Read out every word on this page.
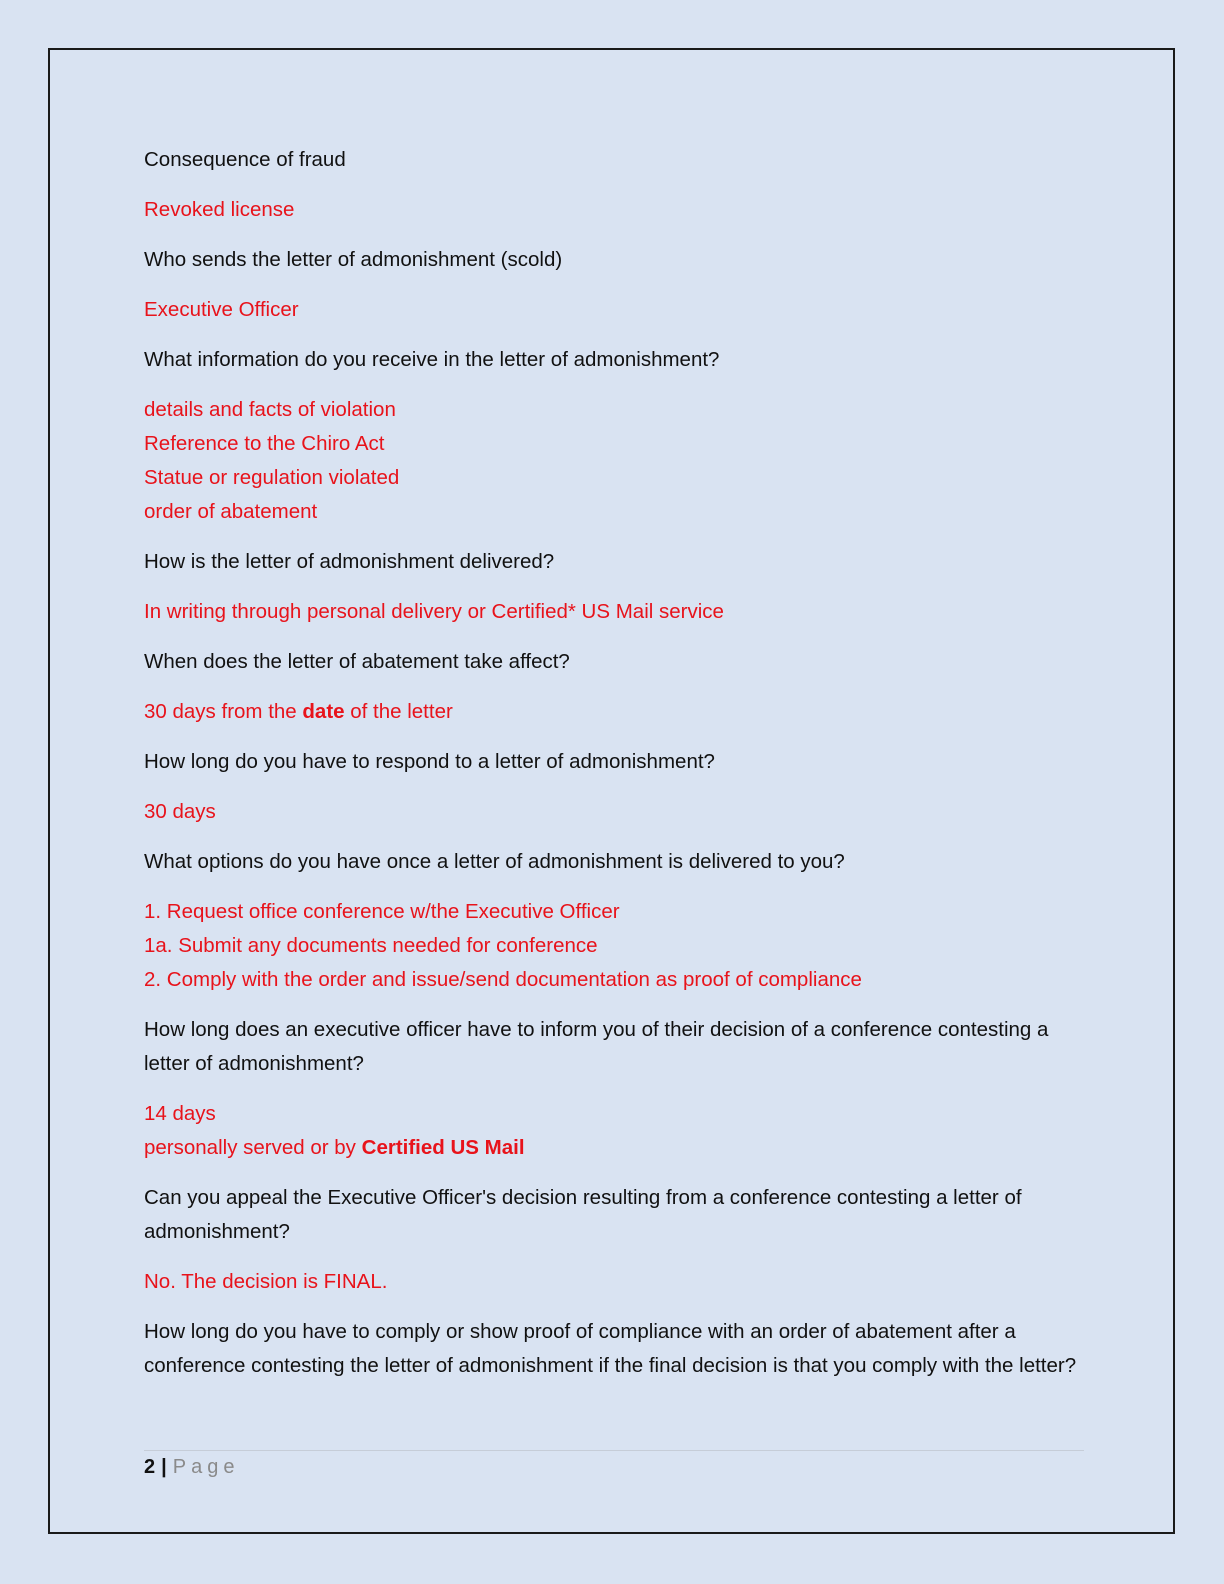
Consequence of fraud
Revoked license
Who sends the letter of admonishment (scold)
Executive Officer
What information do you receive in the letter of admonishment?
details and facts of violation
Reference to the Chiro Act
Statue or regulation violated
order of abatement
How is the letter of admonishment delivered?
In writing through personal delivery or Certified* US Mail service
When does the letter of abatement take affect?
30 days from the date of the letter
How long do you have to respond to a letter of admonishment?
30 days
What options do you have once a letter of admonishment is delivered to you?
1. Request office conference w/the Executive Officer
1a. Submit any documents needed for conference
2. Comply with the order and issue/send documentation as proof of compliance
How long does an executive officer have to inform you of their decision of a conference contesting a letter of admonishment?
14 days
personally served or by Certified US Mail
Can you appeal the Executive Officer's decision resulting from a conference contesting a letter of admonishment?
No. The decision is FINAL.
How long do you have to comply or show proof of compliance with an order of abatement after a conference contesting the letter of admonishment if the final decision is that you comply with the letter?
2 | Page
